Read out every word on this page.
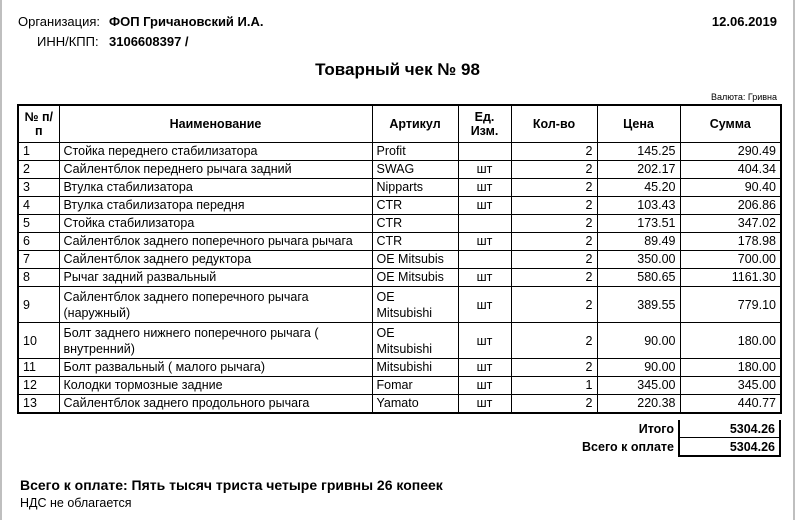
Организация: ФОП Гричановский И.А.
ИНН/КПП: 3106608397 /
12.06.2019
Товарный чек № 98
Валюта: Гривна
№ п/п	Наименование	Артикул	Ед. Изм.	Кол-во	Цена	Сумма
1	Стойка переднего стабилизатора	Profit		2	145.25	290.49
2	Сайлентблок переднего рычага задний	SWAG	шт	2	202.17	404.34
3	Втулка стабилизатора	Nipparts	шт	2	45.20	90.40
4	Втулка стабилизатора передня	CTR	шт	2	103.43	206.86
5	Стойка стабилизатора	CTR		2	173.51	347.02
6	Сайлентблок заднего поперечного рычага рычага	CTR	шт	2	89.49	178.98
7	Сайлентблок заднего редуктора	OE Mitsubis		2	350.00	700.00
8	Рычаг задний развальный	OE Mitsubis	шт	2	580.65	1161.30
9	Сайлентблок заднего поперечного рычага (наружный)	OE Mitsubishi	шт	2	389.55	779.10
10	Болт заднего нижнего поперечного рычага ( внутренний)	OE Mitsubishi	шт	2	90.00	180.00
11	Болт развальный ( малого рычага)	Mitsubishi	шт	2	90.00	180.00
12	Колодки тормозные задние	Fomar	шт	1	345.00	345.00
13	Сайлентблок заднего продольного рычага	Yamato	шт	2	220.38	440.77
Итого	5304.26
Всего к оплате	5304.26
Всего к оплате: Пять тысяч триста четыре гривны 26 копеек
НДС не облагается
